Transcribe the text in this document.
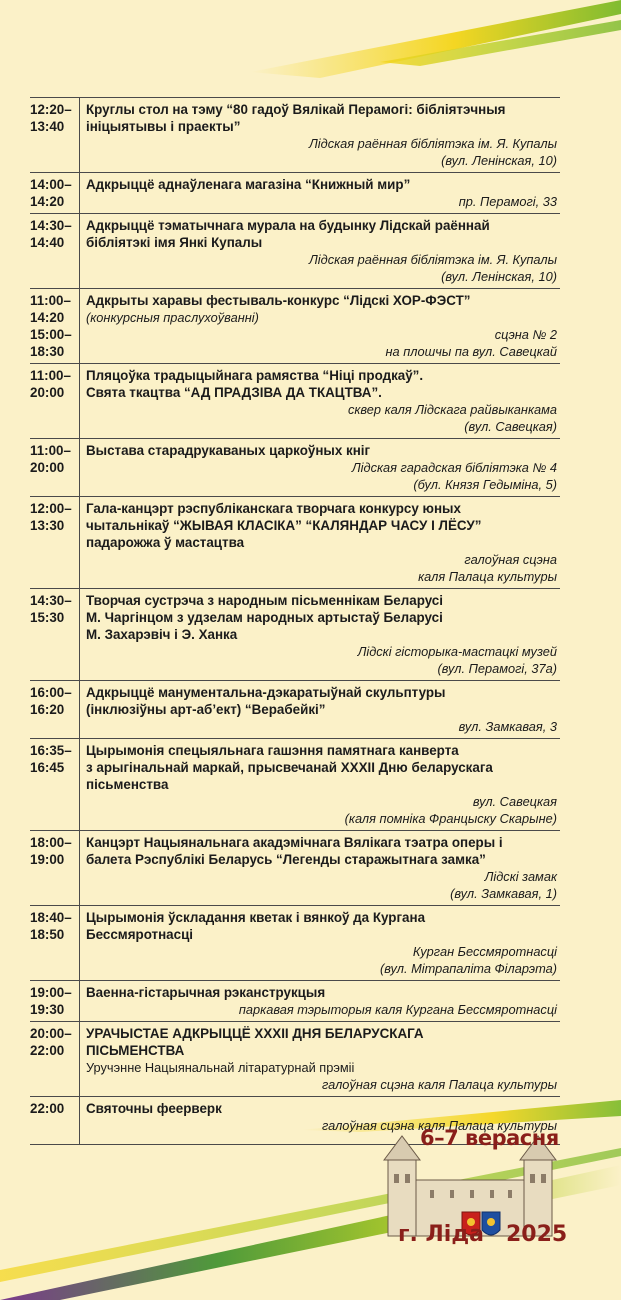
12:20–
13:40
Круглы стол на тэму “80 гадоў Вялікай Перамогі: бібліятэчныя
ініцыятывы і праекты”
Лідская раённая бібліятэка ім. Я. Купалы
(вул. Ленінская, 10)
14:00–
14:20
Адкрыццё аднаўленага магазіна “Книжный мир”
пр. Перамогі, 33
14:30–
14:40
Адкрыццё тэматычнага мурала на будынку Лідскай раённай
бібліятэкі імя Янкі Купалы
Лідская раённая бібліятэка ім. Я. Купалы
(вул. Ленінская, 10)
11:00–
14:20
15:00–
18:30
Адкрыты харавы фестываль-конкурс “Лідскі ХОР-ФЭСТ”
(конкурсныя праслухоўванні)
сцэна № 2
на плошчы па вул. Савецкай
11:00–
20:00
Пляцоўка традыцыйнага рамяства “Ніці продкаў”.
Свята ткацтва “АД ПРАДЗІВА ДА ТКАЦТВА”.
сквер каля Лідскага райвыканкама
(вул. Савецкая)
11:00–
20:00
Выстава старадрукаваных царкоўных кніг
Лідская гарадская бібліятэка № 4
(бул. Князя Гедыміна, 5)
12:00–
13:30
Гала-канцэрт рэспубліканскага творчага конкурсу юных
чытальнікаў “ЖЫВАЯ КЛАСІКА” “КАЛЯНДАР ЧАСУ І ЛЁСУ”
падарожжа ў мастацтва
галоўная сцэна
каля Палаца культуры
14:30–
15:30
Творчая сустрэча з народным пісьменнікам Беларусі
М. Чаргінцом з удзелам народных артыстаў Беларусі
М. Захарэвіч і Э. Ханка
Лідскі гісторыка-мастацкі музей
(вул. Перамогі, 37а)
16:00–
16:20
Адкрыццё манументальна-дэкаратыўнай скульптуры
(інклюзіўны арт-аб’ект) “Верабейкі”
вул. Замкавая, 3
16:35–
16:45
Цырымонія спецыяльнага гашэння памятнага канверта
з арыгінальнай маркай, прысвечанай ХХХІІ Дню беларускага
пісьменства
вул. Савецкая
(каля помніка Францыску Скарыне)
18:00–
19:00
Канцэрт Нацыянальнага акадэмічнага Вялікага тэатра оперы і
балета Рэспублікі Беларусь “Легенды старажытнага замка”
Лідскі замак
(вул. Замкавая, 1)
18:40–
18:50
Цырымонія ўскладання кветак і вянкоў да Кургана
Бессмяротнасці
Курган Бессмяротнасці
(вул. Мітрапаліта Філарэта)
19:00–
19:30
Ваенна-гістарычная рэканструкцыя
паркавая тэрыторыя каля Кургана Бессмяротнасці
20:00–
22:00
УРАЧЫСТАЕ АДКРЫЦЦЁ ХХХІІ ДНЯ БЕЛАРУСКАГА
ПІСЬМЕНСТВА
Уручэнне Нацыянальнай літаратурнай прэміі
галоўная сцэна каля Палаца культуры
22:00	Святочны феерверк
галоўная сцэна каля Палаца культуры
6–7 верасня
г. Ліда 2025
